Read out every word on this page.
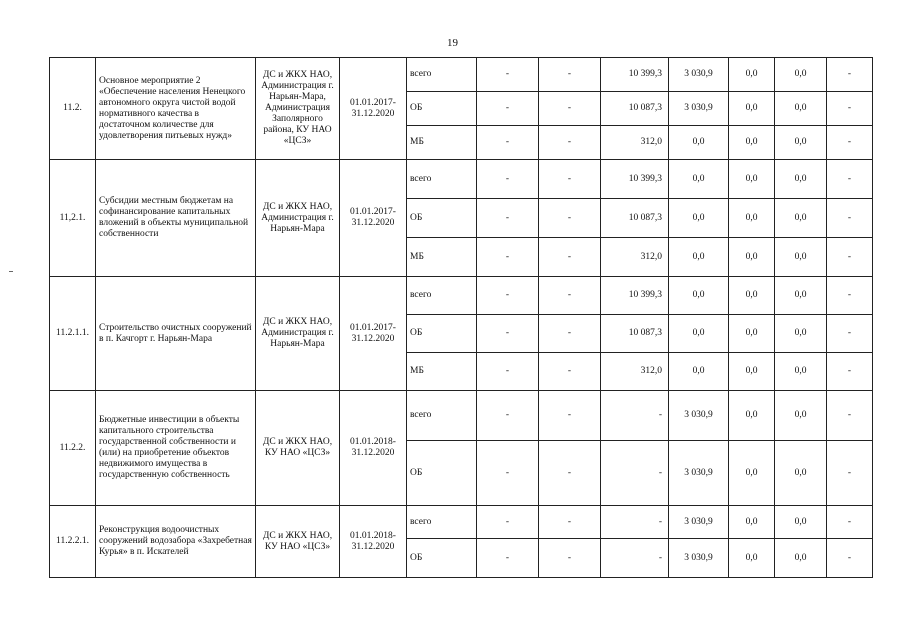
19
11.2.	Основное мероприятие 2 «Обеспечение населения Ненецкого автономного округа чистой водой нормативного качества в достаточном количестве для удовлетворения питьевых нужд»	ДС и ЖКХ НАО, Администрация г. Нарьян-Мара, Администрация Заполярного района, КУ НАО «ЦСЗ»	01.01.2017-31.12.2020	всего	-	-	10 399,3	3 030,9	0,0	0,0	-
				ОБ	-	-	10 087,3	3 030,9	0,0	0,0	-
				МБ	-	-	312,0	0,0	0,0	0,0	-
11,2.1.	Субсидии местным бюджетам на софинансирование капитальных вложений в объекты муниципальной собственности	ДС и ЖКХ НАО, Администрация г. Нарьян-Мара	01.01.2017-31.12.2020	всего	-	-	10 399,3	0,0	0,0	0,0	-
				ОБ	-	-	10 087,3	0,0	0,0	0,0	-
				МБ	-	-	312,0	0,0	0,0	0,0	-
11.2.1.1.	Строительство очистных сооружений в п. Качгорт г. Нарьян-Мара	ДС и ЖКХ НАО, Администрация г. Нарьян-Мара	01.01.2017-31.12.2020	всего	-	-	10 399,3	0,0	0,0	0,0	-
				ОБ	-	-	10 087,3	0,0	0,0	0,0	-
				МБ	-	-	312,0	0,0	0,0	0,0	-
11.2.2.	Бюджетные инвестиции в объекты капитального строительства государственной собственности и (или) на приобретение объектов недвижимого имущества в государственную собственность	ДС и ЖКХ НАО, КУ НАО «ЦСЗ»	01.01.2018-31.12.2020	всего	-	-	-	3 030,9	0,0	0,0	-
				ОБ	-	-	-	3 030,9	0,0	0,0	-
11.2.2.1.	Реконструкция водоочистных сооружений водозабора «Захребетная Курья» в п. Искателей	ДС и ЖКХ НАО, КУ НАО «ЦСЗ»	01.01.2018-31.12.2020	всего	-	-	-	3 030,9	0,0	0,0	-
				ОБ	-	-	-	3 030,9	0,0	0,0	-
